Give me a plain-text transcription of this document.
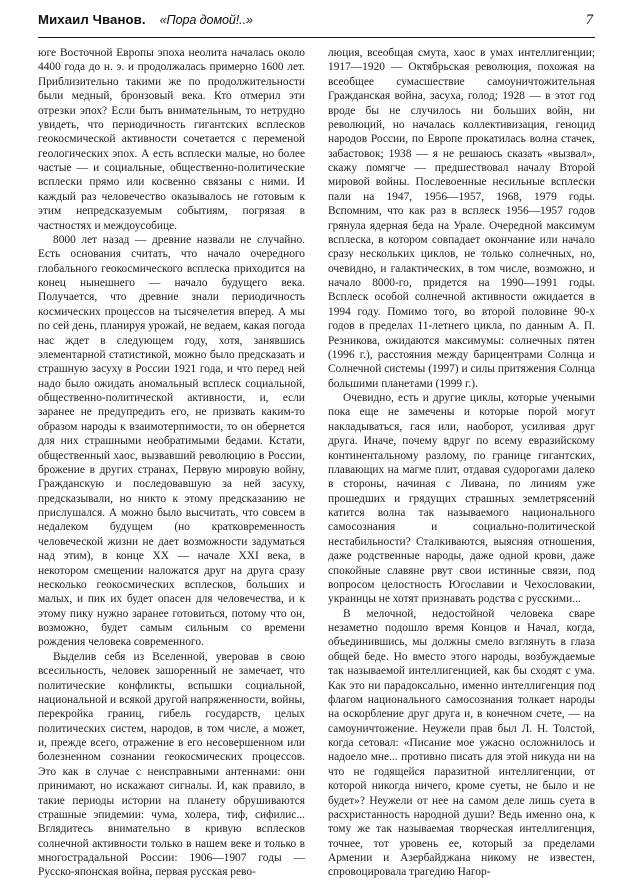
Михаил Чванов. «Пора домой!..»	7

юге Восточной Европы эпоха неолита началась около 4400 года до н. э. и продолжалась примерно 1600 лет. Приблизительно такими же по продолжительности были медный, бронзовый века. Кто отмерил эти отрезки эпох? Если быть внимательным, то нетрудно увидеть, что периодичность гигантских всплесков геокосмической активности сочетается с переменой геологических эпох. А есть всплески малые, но более частые — и социальные, общественно-политические всплески прямо или косвенно связаны с ними. И каждый раз человечество оказывалось не готовым к этим непредсказуемым событиям, погрязая в частностях и междоусобице.

8000 лет назад — древние назвали не случайно. Есть основания считать, что начало очередного глобального геокосмического всплеска приходится на конец нынешнего — начало будущего века. Получается, что древние знали периодичность космических процессов на тысячелетия вперед. А мы по сей день, планируя урожай, не ведаем, какая погода нас ждет в следующем году, хотя, занявшись элементарной статистикой, можно было предсказать и страшную засуху в России 1921 года, и что перед ней надо было ожидать аномальный всплеск социальной, общественно-политической активности, и, если заранее не предупредить его, не призвать каким-то образом народы к взаимотерпимости, то он обернется для них страшными необратимыми бедами. Кстати, общественный хаос, вызвавший революцию в России, брожение в других странах, Первую мировую войну, Гражданскую и последовавшую за ней засуху, предсказывали, но никто к этому предсказанию не прислушался. А можно было высчитать, что совсем в недалеком будущем (но кратковременность человеческой жизни не дает возможности задуматься над этим), в конце XX — начале XXI века, в некотором смещении наложатся друг на друга сразу несколько геокосмических всплесков, больших и малых, и пик их будет опасен для человечества, и к этому пику нужно заранее готовиться, потому что он, возможно, будет самым сильным со времени рождения человека современного.

Выделив себя из Вселенной, уверовав в свою всесильность, человек зашоренный не замечает, что политические конфликты, вспышки социальной, национальной и всякой другой напряженности, войны, перекройка границ, гибель государств, целых политических систем, народов, в том числе, а может, и, прежде всего, отражение в его несовершенном или болезненном сознании геокосмических процессов. Это как в случае с неисправными антеннами: они принимают, но искажают сигналы. И, как правило, в такие периоды истории на планету обрушиваются страшные эпидемии: чума, холера, тиф, сифилис... Вглядитесь внимательно в кривую всплесков солнечной активности только в нашем веке и только в многострадальной России: 1906—1907 годы — Русско-японская война, первая русская рево-

люция, всеобщая смута, хаос в умах интеллигенции; 1917—1920 — Октябрьская революция, похожая на всеобщее сумасшествие самоуничтожительная Гражданская война, засуха, голод; 1928 — в этот год вроде бы не случилось ни больших войн, ни революций, но началась коллективизация, геноцид народов России, по Европе прокатилась волна стачек, забастовок; 1938 — я не решаюсь сказать «вызвал», скажу помягче — предшествовал началу Второй мировой войны. Послевоенные несильные всплески пали на 1947, 1956—1957, 1968, 1979 годы. Вспомним, что как раз в всплеск 1956—1957 годов грянула ядерная беда на Урале. Очередной максимум всплеска, в котором совпадает окончание или начало сразу нескольких циклов, не только солнечных, но, очевидно, и галактических, в том числе, возможно, и начало 8000-го, придется на 1990—1991 годы. Всплеск особой солнечной активности ожидается в 1994 году. Помимо того, во второй половине 90-х годов в пределах 11-летнего цикла, по данным А. П. Резникова, ожидаются максимумы: солнечных пятен (1996 г.), расстояния между барицентрами Солнца и Солнечной системы (1997) и силы притяжения Солнца большими планетами (1999 г.).

Очевидно, есть и другие циклы, которые учеными пока еще не замечены и которые порой могут накладываться, гася или, наоборот, усиливая друг друга. Иначе, почему вдруг по всему евразийскому континентальному разлому, по границе гигантских, плавающих на магме плит, отдавая судорогами далеко в стороны, начиная с Ливана, по линиям уже прошедших и грядущих страшных землетрясений катится волна так называемого национального самосознания и социально-политической нестабильности? Сталкиваются, выясняя отношения, даже родственные народы, даже одной крови, даже спокойные славяне рвут свои истинные связи, под вопросом целостность Югославии и Чехословакии, украинцы не хотят признавать родства с русскими...

В мелочной, недостойной человека сваре незаметно подошло время Концов и Начал, когда, объединившись, мы должны смело взглянуть в глаза общей беде. Но вместо этого народы, возбуждаемые так называемой интеллигенцией, как бы сходят с ума. Как это ни парадоксально, именно интеллигенция под флагом национального самосознания толкает народы на оскорбление друг друга и, в конечном счете, — на самоуничтожение. Неужели прав был Л. Н. Толстой, когда сетовал: «Писание мое ужасно осложнилось и надоело мне... противно писать для этой никуда ни на что не годящейся паразитной интеллигенции, от которой никогда ничего, кроме суеты, не было и не будет»? Неужели от нее на самом деле лишь суета в расхристанность народной души? Ведь именно она, к тому же так называемая творческая интеллигенция, точнее, тот уровень ее, который за пределами Армении и Азербайджана никому не известен, спровоцировала трагедию Нагор-
